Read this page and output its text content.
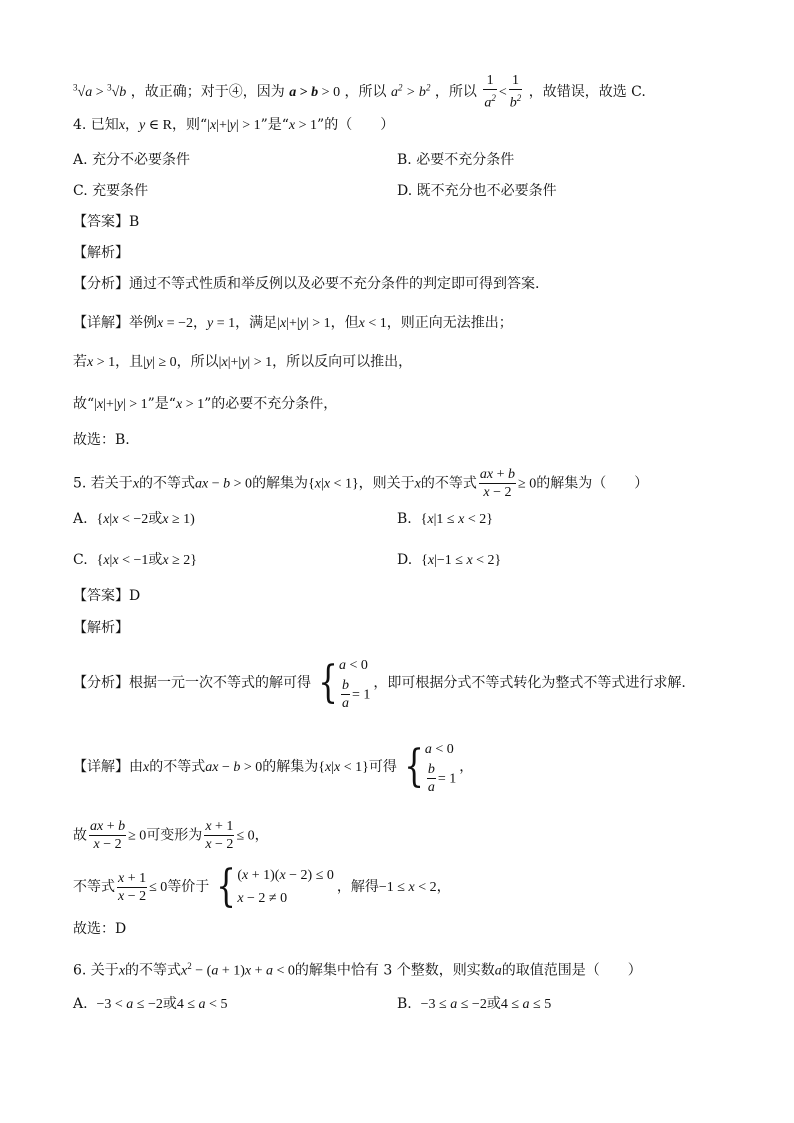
$^3$√a > $^3$√b ，故正确；对于④，因为 a > b > 0 ，所以 $a^2 > b^2$ ，所以 $\frac{1}{a^2} < \frac{1}{b^2}$ ，故错误，故选 C.
4. 已知x，y ∈ R，则“|x|+|y| > 1”是“x > 1”的（　　）
A. 充分不必要条件	B. 必要不充分条件
C. 充要条件	D. 既不充分也不必要条件
【答案】B
【解析】
【分析】通过不等式性质和举反例以及必要不充分条件的判定即可得到答案.
【详解】举例x = −2，y = 1，满足|x|+|y| > 1，但x < 1，则正向无法推出；
若x > 1，且|y| ≥ 0，所以|x|+|y| > 1，所以反向可以推出，
故“|x|+|y| > 1”是“x > 1”的必要不充分条件，
故选：B.
5. 若关于x的不等式ax − b > 0的解集为{x|x < 1}，则关于x的不等式 $\frac{ax + b}{x - 2} \ge 0$的解集为（　　）
A. {x|x < −2或x ≥ 1)	B. {x|1 ≤ x < 2}
C. {x|x < −1或x ≥ 2}	D. {x|−1 ≤ x < 2}
【答案】D
【解析】
【分析】根据一元一次不等式的解可得 { a < 0
$\frac{b}{a} = 1$
，即可根据分式不等式转化为整式不等式进行求解.
【详解】由x的不等式ax − b > 0的解集为{x|x < 1}可得 { a < 0
$\frac{b}{a} = 1$
，
故 $\frac{ax + b}{x - 2} \ge 0$可变形为 $\frac{x + 1}{x - 2} \le 0$，
不等式 $\frac{x + 1}{x - 2} \le 0$等价于 { (x + 1)(x − 2) ≤ 0
x − 2 ≠ 0
，解得−1 ≤ x < 2，
故选：D
6. 关于x的不等式$x^2 - (a + 1)x + a < 0$的解集中恰有 3 个整数，则实数a的取值范围是（　　）
A. −3 < a ≤ −2或4 ≤ a < 5	B. −3 ≤ a ≤ −2或4 ≤ a ≤ 5
